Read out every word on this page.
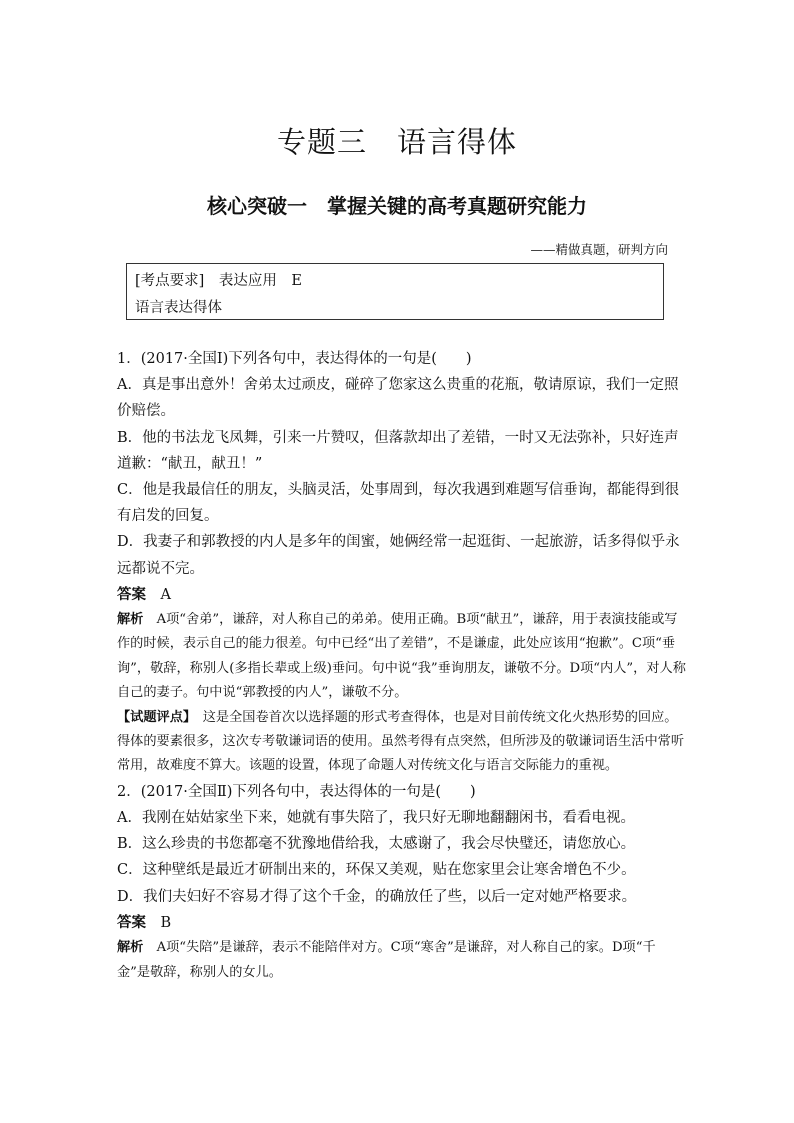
专题三　语言得体
核心突破一　掌握关键的高考真题研究能力
——精做真题，研判方向
[考点要求]　表达应用　E
语言表达得体

1．(2017·全国Ⅰ)下列各句中，表达得体的一句是(　　)

A．真是事出意外！舍弟太过顽皮，碰碎了您家这么贵重的花瓶，敬请原谅，我们一定照价赔偿。

B．他的书法龙飞凤舞，引来一片赞叹，但落款却出了差错，一时又无法弥补，只好连声道歉：“献丑，献丑！”

C．他是我最信任的朋友，头脑灵活，处事周到，每次我遇到难题写信垂询，都能得到很有启发的回复。

D．我妻子和郭教授的内人是多年的闺蜜，她俩经常一起逛街、一起旅游，话多得似乎永远都说不完。

答案　 A

解析　 A项“舍弟”，谦辞，对人称自己的弟弟。使用正确。B项“献丑”，谦辞，用于表演技能或写作的时候，表示自己的能力很差。句中已经“出了差错”，不是谦虚，此处应该用“抱歉”。C项“垂询”，敬辞，称别人(多指长辈或上级)垂问。句中说“我”垂询朋友，谦敬不分。D项“内人”，对人称自己的妻子。句中说“郭教授的内人”，谦敬不分。

【试题评点】　 这是全国卷首次以选择题的形式考查得体，也是对目前传统文化火热形势的回应。得体的要素很多，这次专考敬谦词语的使用。虽然考得有点突然，但所涉及的敬谦词语生活中常听常用，故难度不算大。该题的设置，体现了命题人对传统文化与语言交际能力的重视。

2．(2017·全国Ⅱ)下列各句中，表达得体的一句是(　　)

A．我刚在姑姑家坐下来，她就有事失陪了，我只好无聊地翻翻闲书，看看电视。

B．这么珍贵的书您都毫不犹豫地借给我，太感谢了，我会尽快璧还，请您放心。

C．这种壁纸是最近才研制出来的，环保又美观，贴在您家里会让寒舍增色不少。

D．我们夫妇好不容易才得了这个千金，的确放任了些，以后一定对她严格要求。

答案　 B

解析　 A项“失陪”是谦辞，表示不能陪伴对方。C项“寒舍”是谦辞，对人称自己的家。D项“千金”是敬辞，称别人的女儿。
